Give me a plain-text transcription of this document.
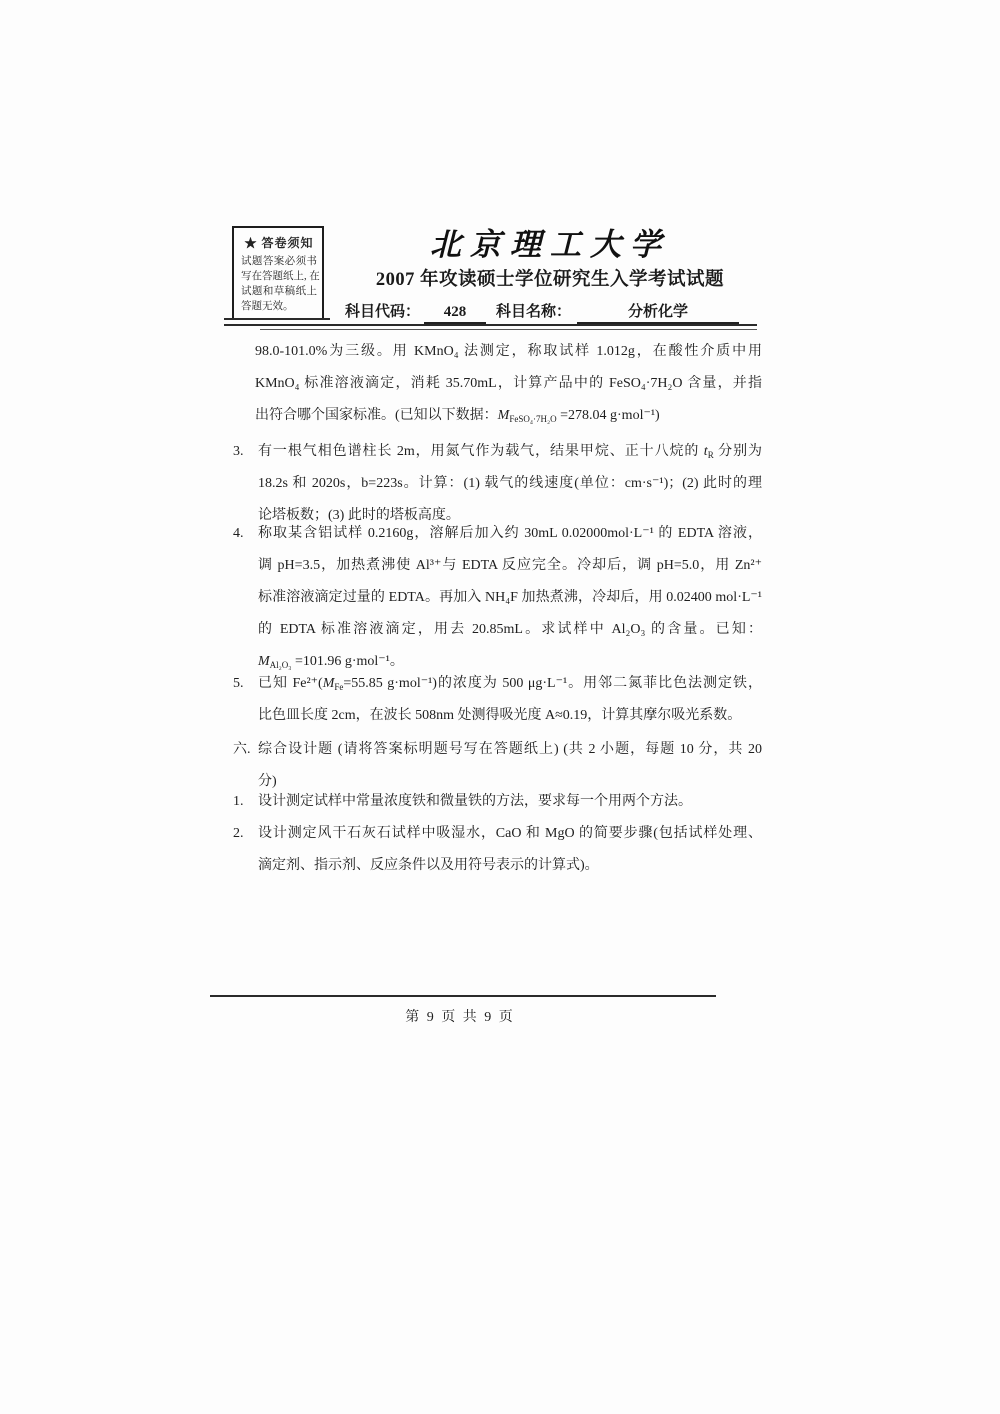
★ 答卷须知
试题答案必须书
写在答题纸上, 在
试题和草稿纸上
答题无效。
北京理工大学
2007 年攻读硕士学位研究生入学考试试题
科目代码： 428 科目名称：	分析化学
98.0-101.0%为三级。用 KMnO₄ 法测定，称取试样 1.012g，在酸性介质中用
KMnO₄ 标准溶液滴定，消耗 35.70mL，计算产品中的 FeSO₄·7H₂O 含量，并指
出符合哪个国家标准。(已知以下数据：$M_{FeSO_4\cdot 7H_2O} =278.04$ g·mol⁻¹)
3. 有一根气相色谱柱长 2m，用氮气作为载气，结果甲烷、正十八烷的 $t_R$ 分别为
18.2s 和 2020s，b=223s。计算：(1) 载气的线速度(单位：cm·s⁻¹)；(2) 此时的理
论塔板数；(3) 此时的塔板高度。
4. 称取某含铝试样 0.2160g，溶解后加入约 30mL 0.02000mol·L⁻¹ 的 EDTA 溶液，
调 pH=3.5，加热煮沸使 Al³⁺与 EDTA 反应完全。冷却后，调 pH=5.0，用 Zn²⁺
标准溶液滴定过量的 EDTA。再加入 NH₄F 加热煮沸，冷却后，用 0.02400 mol·L⁻¹
的 EDTA 标准溶液滴定，用去 20.85mL。求试样中 Al₂O₃ 的含量。已知：
$M_{Al_2O_3} =101.96$ g·mol⁻¹。
5. 已知 $Fe^{2+}(M_{Fe}=55.85$ g·mol⁻¹)的浓度为 500 μg·L⁻¹。用邻二氮菲比色法测定铁，
比色皿长度 2cm，在波长 508nm 处测得吸光度 A≈0.19，计算其摩尔吸光系数。
六. 综合设计题 (请将答案标明题号写在答题纸上) (共 2 小题，每题 10 分，共 20
分)
1. 设计测定试样中常量浓度铁和微量铁的方法，要求每一个用两个方法。
2. 设计测定风干石灰石试样中吸湿水，CaO 和 MgO 的简要步骤(包括试样处理、
滴定剂、指示剂、反应条件以及用符号表示的计算式)。
第 9 页 共 9 页
